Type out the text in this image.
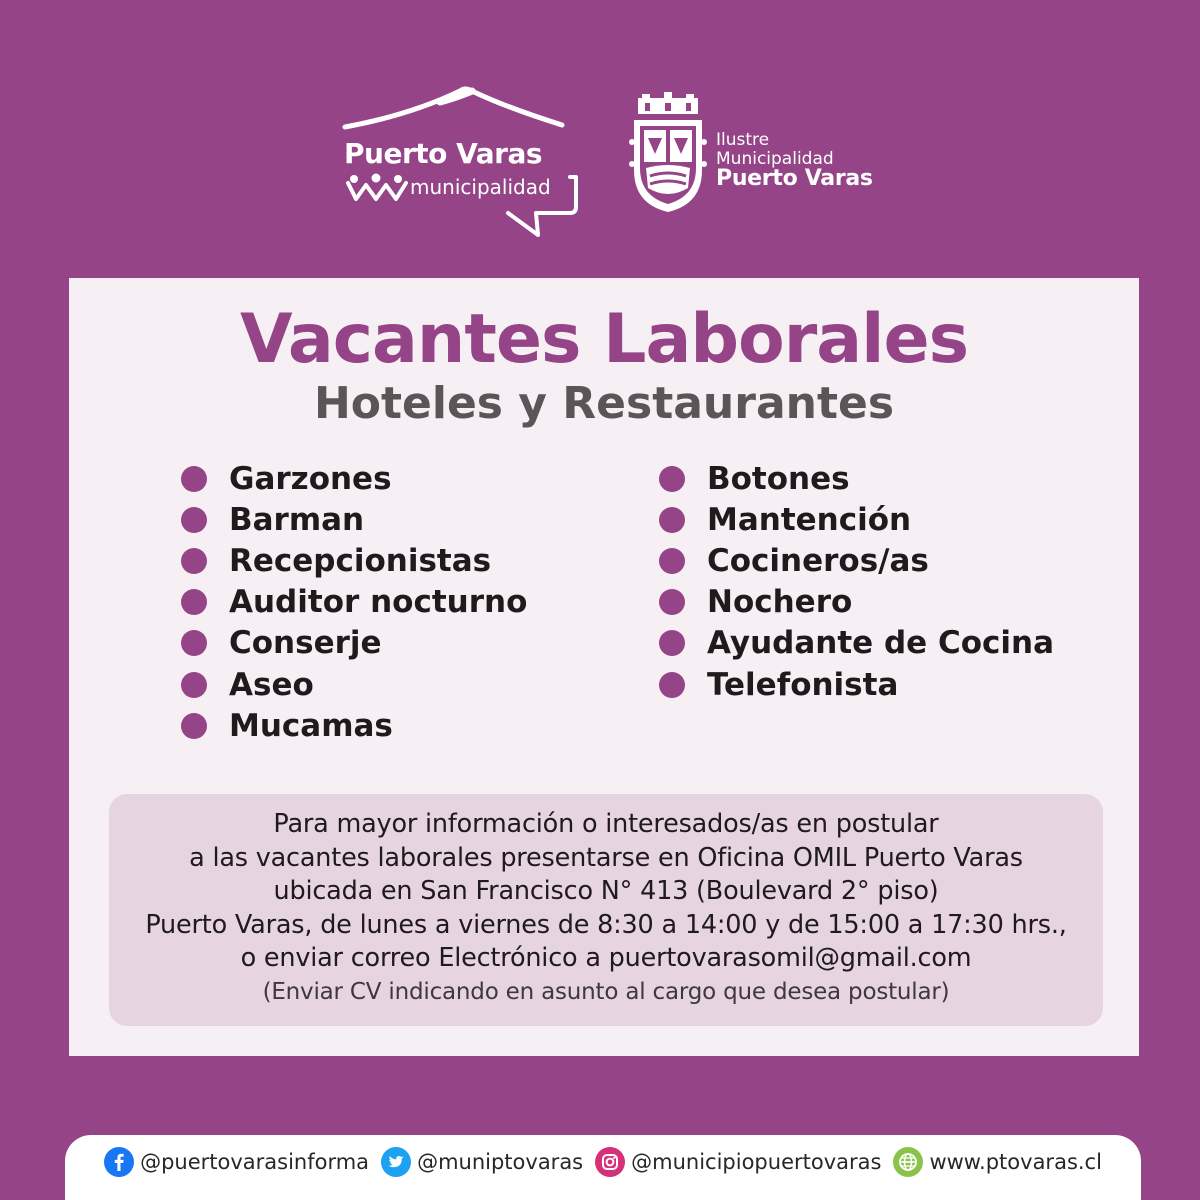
Puerto Varas
municipalidad
Ilustre
Municipalidad
Puerto Varas
Vacantes Laborales
Hoteles y Restaurantes
Garzones
Barman
Recepcionistas
Auditor nocturno
Conserje
Aseo
Mucamas
Botones
Mantención
Cocineros/as
Nochero
Ayudante de Cocina
Telefonista

Para mayor información o interesados/as en postular

a las vacantes laborales presentarse en Oficina OMIL Puerto Varas

ubicada en San Francisco N° 413 (Boulevard 2° piso)

Puerto Varas, de lunes a viernes de 8:30 a 14:00 y de 15:00 a 17:30 hrs.,

o enviar correo Electrónico a puertovarasomil@gmail.com

(Enviar CV indicando en asunto al cargo que desea postular)

@puertovarasinforma @muniptovaras @municipiopuertovaras www.ptovaras.cl
